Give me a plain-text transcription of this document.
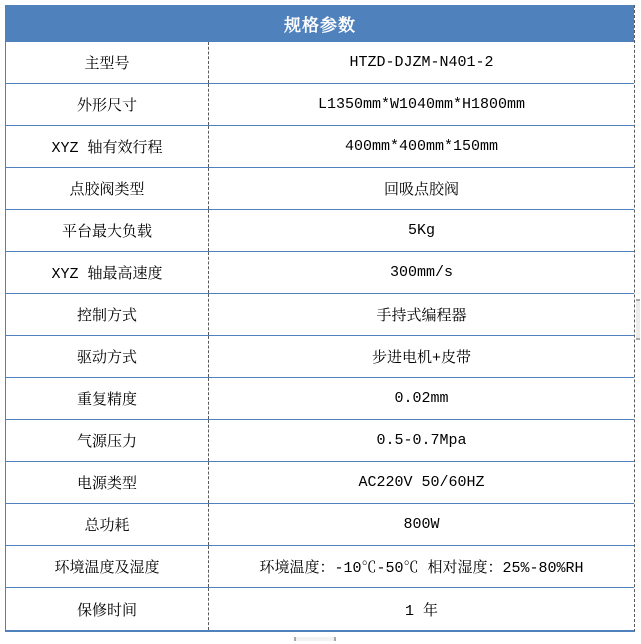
规格参数
主型号	HTZD-DJZM-N401-2
外形尺寸	L1350mm*W1040mm*H1800mm
XYZ 轴有效行程	400mm*400mm*150mm
点胶阀类型	回吸点胶阀
平台最大负载	5Kg
XYZ 轴最高速度	300mm/s
控制方式	手持式编程器
驱动方式	步进电机+皮带
重复精度	0.02mm
气源压力	0.5-0.7Mpa
电源类型	AC220V 50/60HZ
总功耗	800W
环境温度及湿度	环境温度：-10℃-50℃ 相对湿度：25%-80%RH
保修时间	1 年
